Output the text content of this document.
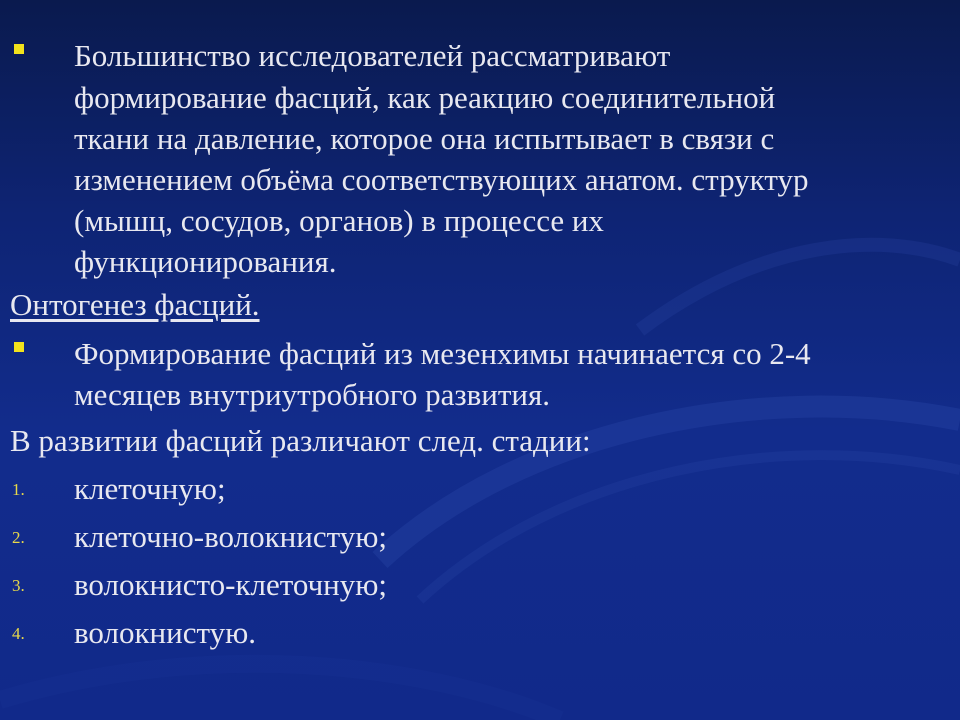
Большинство исследователей рассматривают
формирование фасций, как реакцию соединительной
ткани на давление, которое она испытывает в связи с
изменением объёма соответствующих анатом. структур
(мышц, сосудов, органов) в процессе их
функционирования.
Онтогенез фасций.
Формирование фасций из мезенхимы начинается со 2-4
месяцев внутриутробного развития.
В развитии фасций различают след. стадии:
1. клеточную;
2. клеточно-волокнистую;
3. волокнисто-клеточную;
4. волокнистую.
